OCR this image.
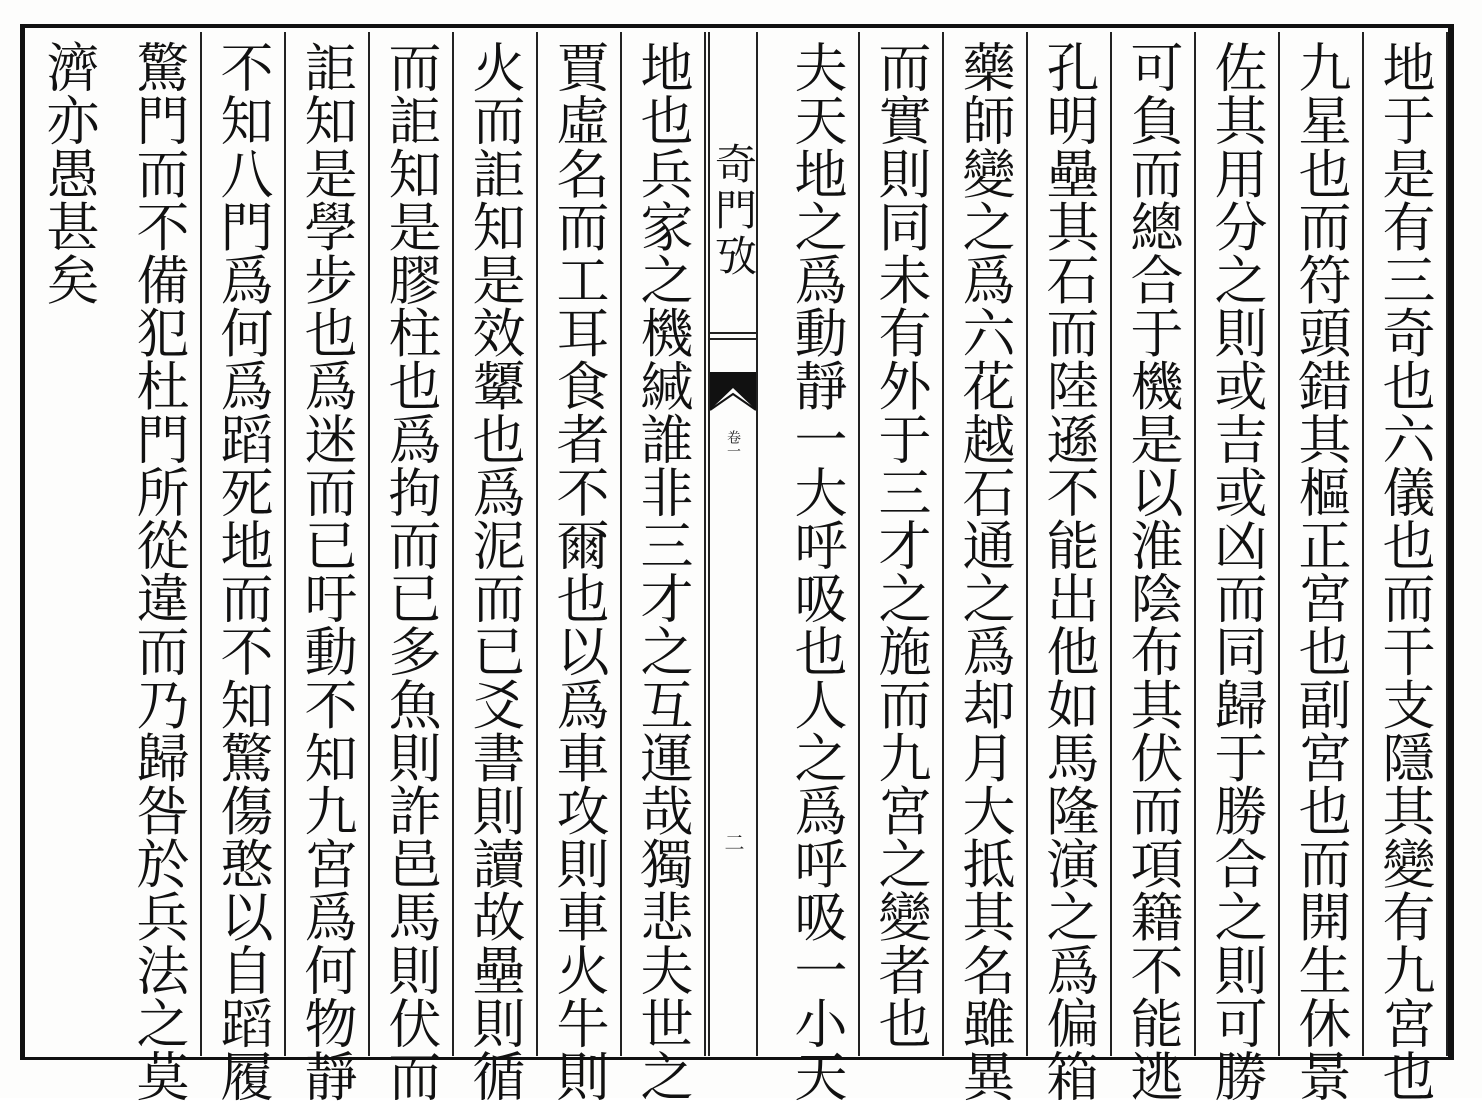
地于是有三奇也六儀也而干支隱其變有九宮也
九星也而符頭錯其樞正宮也副宮也而開生休景
佐其用分之則或吉或凶而同歸于勝合之則可勝
可負而總合于機是以淮陰布其伏而項籍不能逃
孔明壘其石而陸遜不能出他如馬隆演之爲偏箱
藥師變之爲六花越石通之爲却月大抵其名雖異
而實則同未有外于三才之施而九宮之變者也
夫天地之爲動靜一大呼吸也人之爲呼吸一小天
奇門攷
卷一
二
地也兵家之機緘誰非三才之互運哉獨悲夫世之
賈虛名而工耳食者不爾也以爲車攻則車火牛則
火而詎知是效顰也爲泥而已爻書則讀故壘則循
而詎知是膠柱也爲拘而已多魚則詐邑馬則伏而
詎知是學步也爲迷而已吁動不知九宮爲何物靜
不知八門爲何爲蹈死地而不知驚傷憨以自蹈履
驚門而不備犯杜門所從違而乃歸咎於兵法之莫
濟亦愚甚矣
